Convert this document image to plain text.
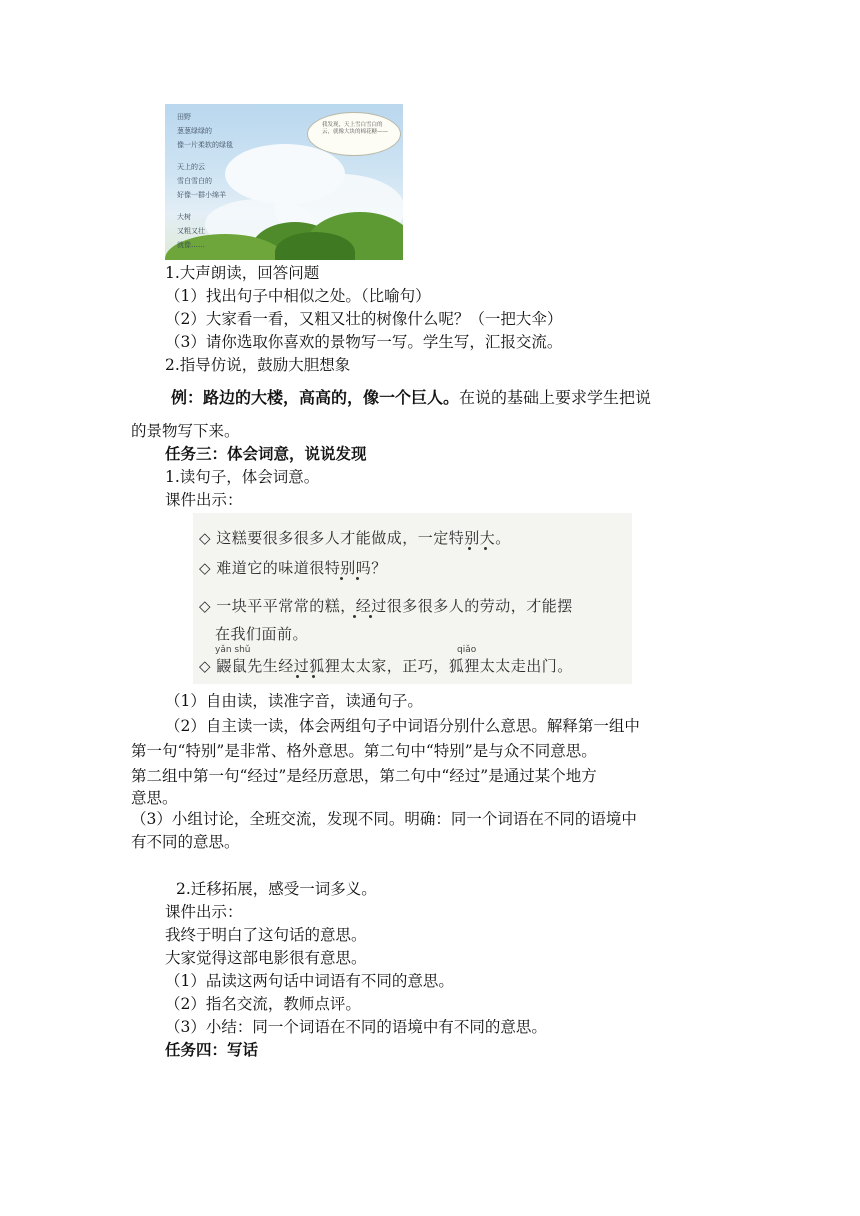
田野
葱葱绿绿的
像一片柔软的绿毯
天上的云
雪白雪白的
好像一群小绵羊
大树
又粗又壮
就像……
我发现，天上雪白雪白的云，就像大块的棉花糖——
1.大声朗读，回答问题
（1）找出句子中相似之处。（比喻句）
（2）大家看一看，又粗又壮的树像什么呢？（一把大伞）
（3）请你选取你喜欢的景物写一写。学生写，汇报交流。
2.指导仿说，鼓励大胆想象
例：路边的大楼，高高的，像一个巨人。在说的基础上要求学生把说
的景物写下来。
任务三：体会词意，说说发现
1.读句子，体会词意。
课件出示：
◇ 这糕要很多很多人才能做成，一定特别大。
◇ 难道它的味道很特别吗？
◇ 一块平平常常的糕，经过很多很多人的劳动，才能摆
在我们面前。
yǎn shǔ	qiǎo
◇ 鼹鼠先生经过狐狸太太家，正巧，狐狸太太走出门。
（1）自由读，读准字音，读通句子。
（2）自主读一读，体会两组句子中词语分别什么意思。解释第一组中
第一句“特别”是非常、格外意思。第二句中“特别”是与众不同意思。
第二组中第一句“经过”是经历意思，第二句中“经过”是通过某个地方
意思。
（3）小组讨论，全班交流，发现不同。明确：同一个词语在不同的语境中
有不同的意思。
2.迁移拓展，感受一词多义。
课件出示：
我终于明白了这句话的意思。
大家觉得这部电影很有意思。
（1）品读这两句话中词语有不同的意思。
（2）指名交流，教师点评。
（3）小结：同一个词语在不同的语境中有不同的意思。
任务四：写话
